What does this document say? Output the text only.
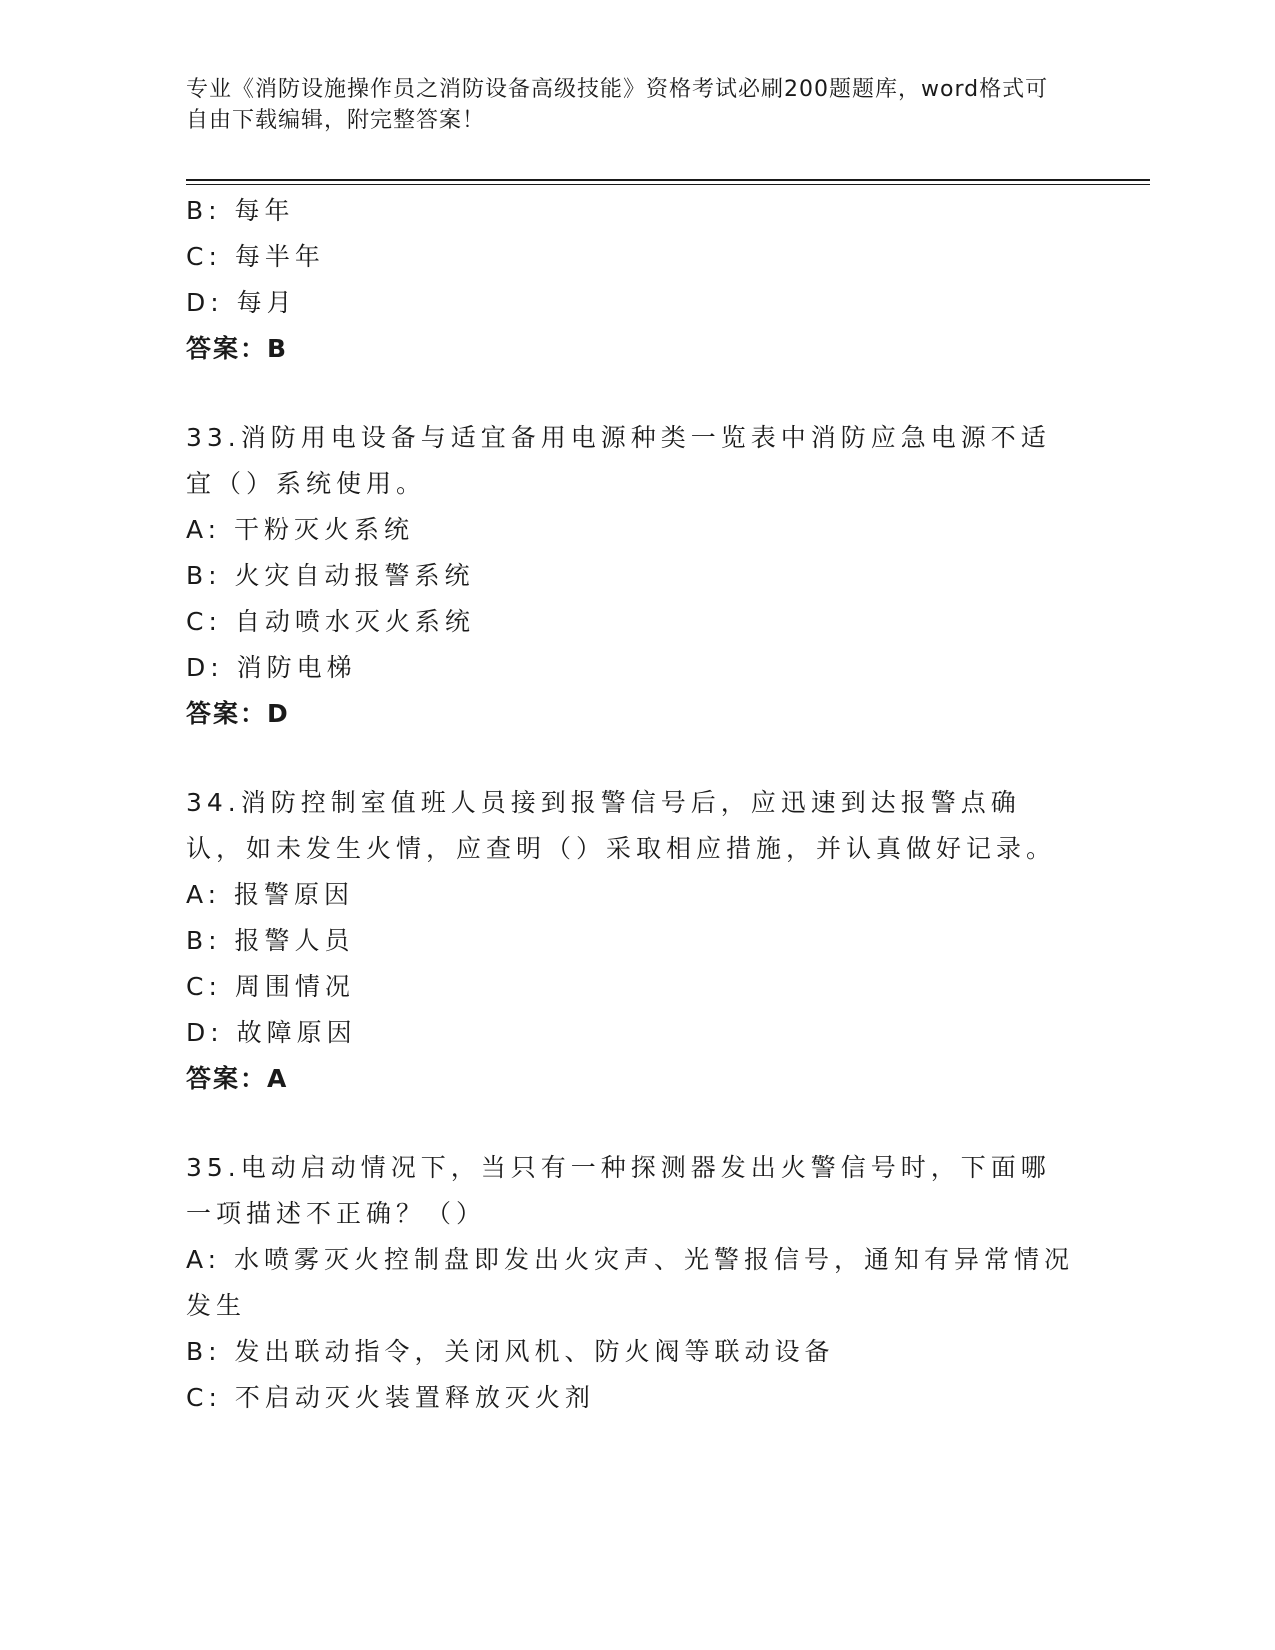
专业《消防设施操作员之消防设备高级技能》资格考试必刷200题题库，word格式可自由下载编辑，附完整答案！
B: 每年
C: 每半年
D: 每月
答案：B
33.消防用电设备与适宜备用电源种类一览表中消防应急电源不适宜（）系统使用。
A: 干粉灭火系统
B: 火灾自动报警系统
C: 自动喷水灭火系统
D: 消防电梯
答案：D
34.消防控制室值班人员接到报警信号后，应迅速到达报警点确认，如未发生火情，应查明（）采取相应措施，并认真做好记录。
A: 报警原因
B: 报警人员
C: 周围情况
D: 故障原因
答案：A
35.电动启动情况下，当只有一种探测器发出火警信号时，下面哪一项描述不正确？（）
A: 水喷雾灭火控制盘即发出火灾声、光警报信号，通知有异常情况发生
B: 发出联动指令，关闭风机、防火阀等联动设备
C: 不启动灭火装置释放灭火剂
